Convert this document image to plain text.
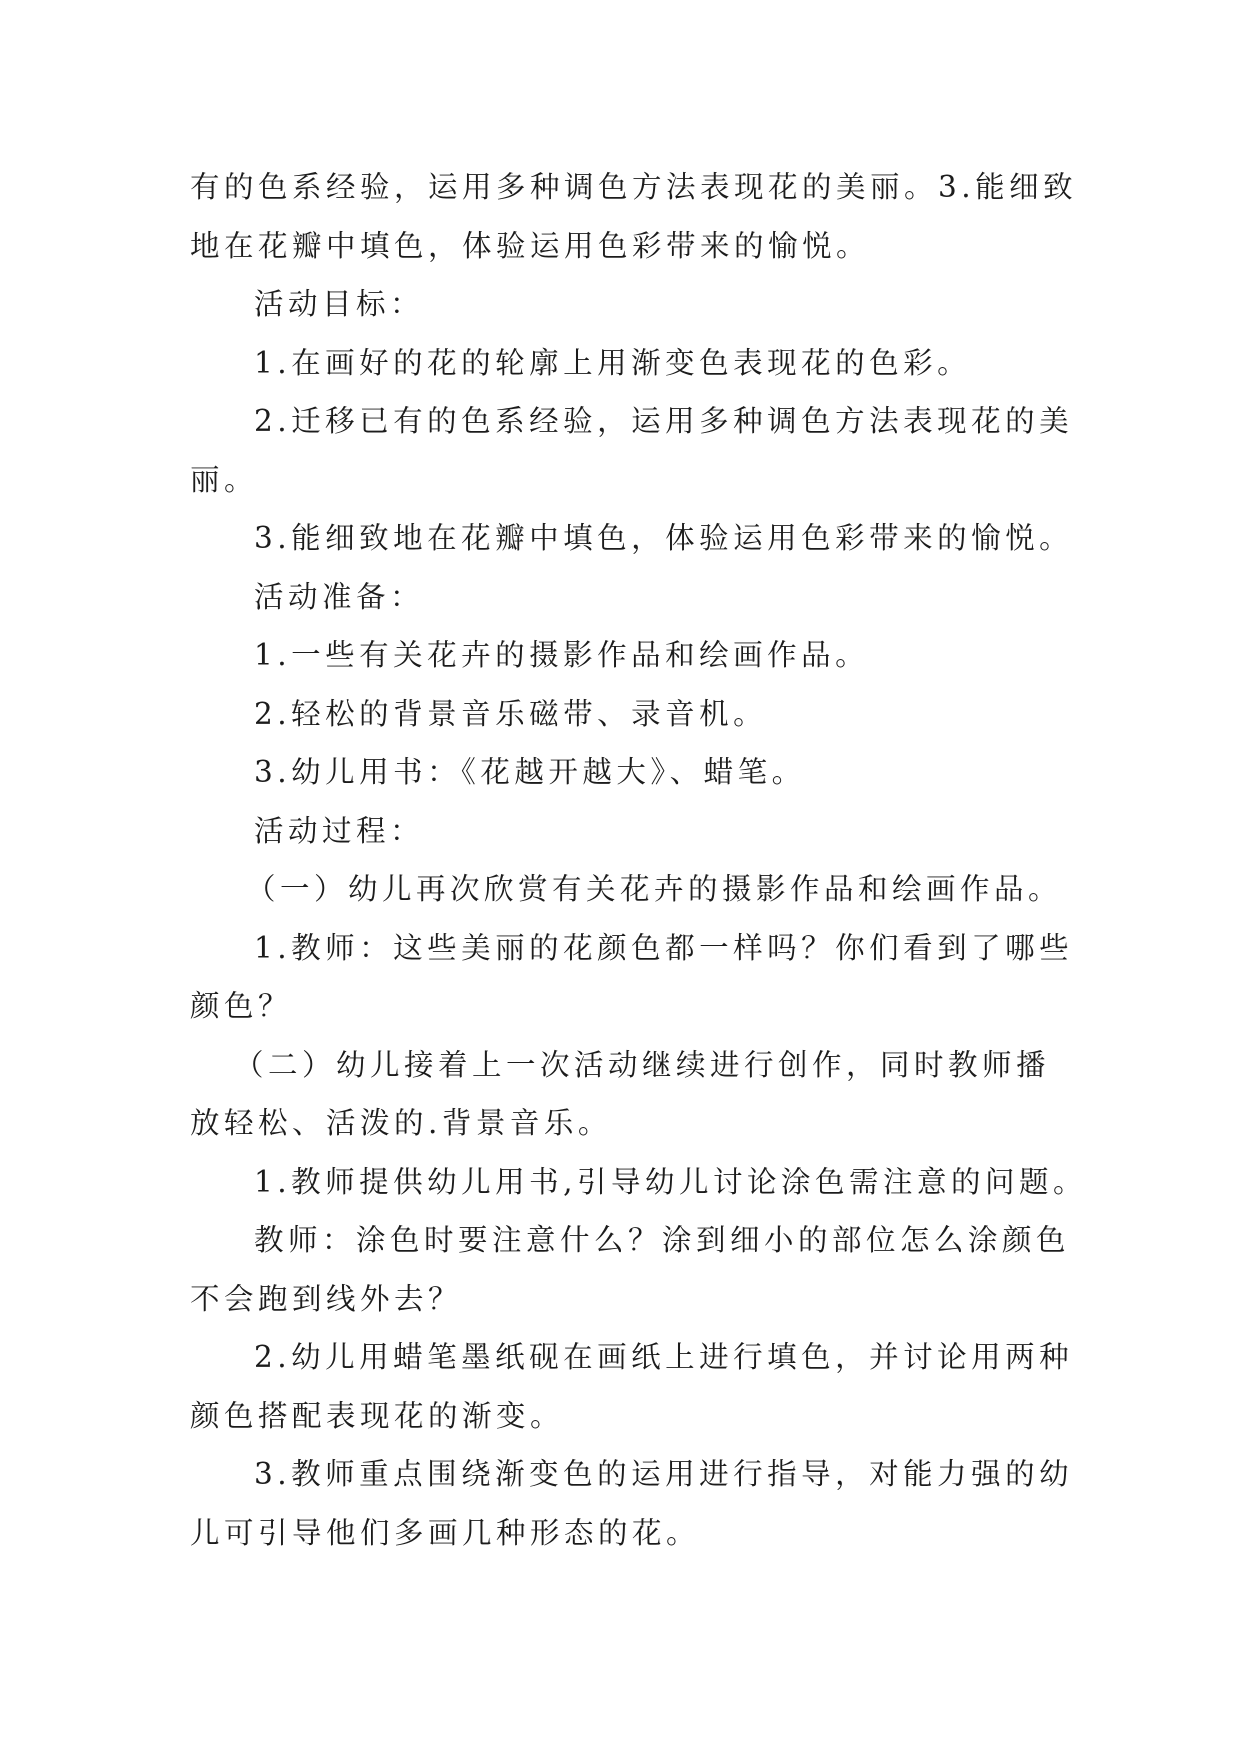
有的色系经验，运用多种调色方法表现花的美丽。3.能细致

地在花瓣中填色，体验运用色彩带来的愉悦。

活动目标：

1.在画好的花的轮廓上用渐变色表现花的色彩。

2.迁移已有的色系经验，运用多种调色方法表现花的美

丽。

3.能细致地在花瓣中填色，体验运用色彩带来的愉悦。

活动准备：

1.一些有关花卉的摄影作品和绘画作品。

2.轻松的背景音乐磁带、录音机。

3.幼儿用书：《花越开越大》、蜡笔。

活动过程：

（一）幼儿再次欣赏有关花卉的摄影作品和绘画作品。

1.教师：这些美丽的花颜色都一样吗？你们看到了哪些

颜色？

（二）幼儿接着上一次活动继续进行创作，同时教师播

放轻松、活泼的.背景音乐。

1.教师提供幼儿用书,引导幼儿讨论涂色需注意的问题。

教师：涂色时要注意什么？涂到细小的部位怎么涂颜色

不会跑到线外去？

2.幼儿用蜡笔墨纸砚在画纸上进行填色，并讨论用两种

颜色搭配表现花的渐变。

3.教师重点围绕渐变色的运用进行指导，对能力强的幼

儿可引导他们多画几种形态的花。
